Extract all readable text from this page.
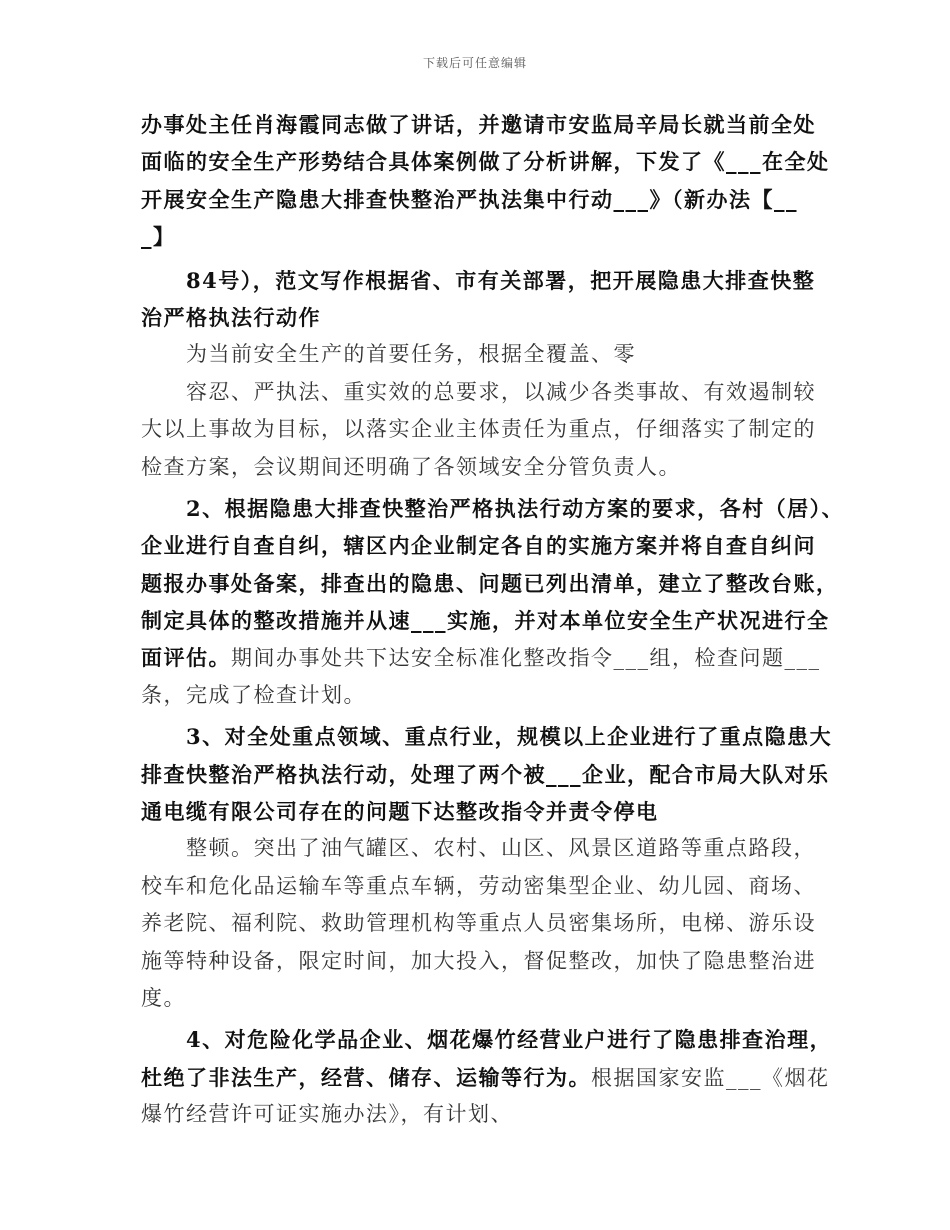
下载后可任意编辑
办事处主任肖海霞同志做了讲话，并邀请市安监局辛局长就当前全处
面临的安全生产形势结合具体案例做了分析讲解，下发了《___在全处
开展安全生产隐患大排查快整治严执法集中行动___》（新办法【__
_】
84号），范文写作根据省、市有关部署，把开展隐患大排查快整
治严格执法行动作
为当前安全生产的首要任务，根据全覆盖、零
容忍、严执法、重实效的总要求，以减少各类事故、有效遏制较
大以上事故为目标，以落实企业主体责任为重点，仔细落实了制定的
检查方案，会议期间还明确了各领域安全分管负责人。
2、根据隐患大排查快整治严格执法行动方案的要求，各村（居）、
企业进行自查自纠，辖区内企业制定各自的实施方案并将自查自纠问
题报办事处备案，排查出的隐患、问题已列出清单，建立了整改台账，
制定具体的整改措施并从速___实施，并对本单位安全生产状况进行全
面评估。期间办事处共下达安全标准化整改指令___组，检查问题___
条，完成了检查计划。
3、对全处重点领域、重点行业，规模以上企业进行了重点隐患大
排查快整治严格执法行动，处理了两个被___企业，配合市局大队对乐
通电缆有限公司存在的问题下达整改指令并责令停电
整顿。突出了油气罐区、农村、山区、风景区道路等重点路段，
校车和危化品运输车等重点车辆，劳动密集型企业、幼儿园、商场、
养老院、福利院、救助管理机构等重点人员密集场所，电梯、游乐设
施等特种设备，限定时间，加大投入，督促整改，加快了隐患整治进
度。
4、对危险化学品企业、烟花爆竹经营业户进行了隐患排查治理，
杜绝了非法生产，经营、储存、运输等行为。根据国家安监___《烟花
爆竹经营许可证实施办法》，有计划、
